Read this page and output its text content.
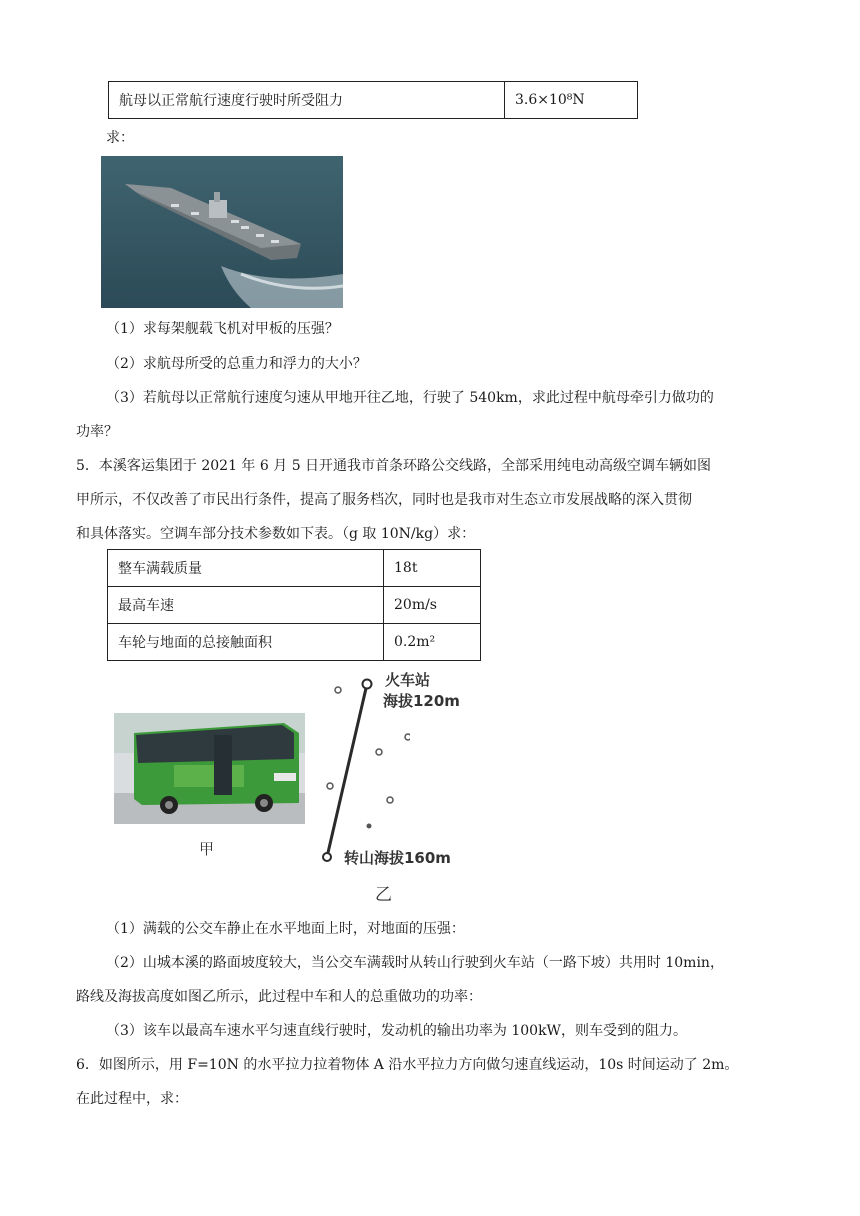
航母以正常航行速度行驶时所受阻力	3.6×10⁸N
求：
（1）求每架舰载飞机对甲板的压强？
（2）求航母所受的总重力和浮力的大小？
（3）若航母以正常航行速度匀速从甲地开往乙地，行驶了 540km，求此过程中航母牵引力做功的
功率？
5．本溪客运集团于 2021 年 6 月 5 日开通我市首条环路公交线路，全部采用纯电动高级空调车辆如图
甲所示，不仅改善了市民出行条件，提高了服务档次，同时也是我市对生态立市发展战略的深入贯彻
和具体落实。空调车部分技术参数如下表。（g 取 10N/kg）求：
整车满载质量	18t
最高车速	20m/s
车轮与地面的总接触面积	0.2m²
甲
火车站
海拔120m
转山海拔160m
乙
（1）满载的公交车静止在水平地面上时，对地面的压强：
（2）山城本溪的路面坡度较大，当公交车满载时从转山行驶到火车站（一路下坡）共用时 10min，
路线及海拔高度如图乙所示，此过程中车和人的总重做功的功率：
（3）该车以最高车速水平匀速直线行驶时，发动机的输出功率为 100kW，则车受到的阻力。
6．如图所示，用 F=10N 的水平拉力拉着物体 A 沿水平拉力方向做匀速直线运动，10s 时间运动了 2m。
在此过程中，求：
